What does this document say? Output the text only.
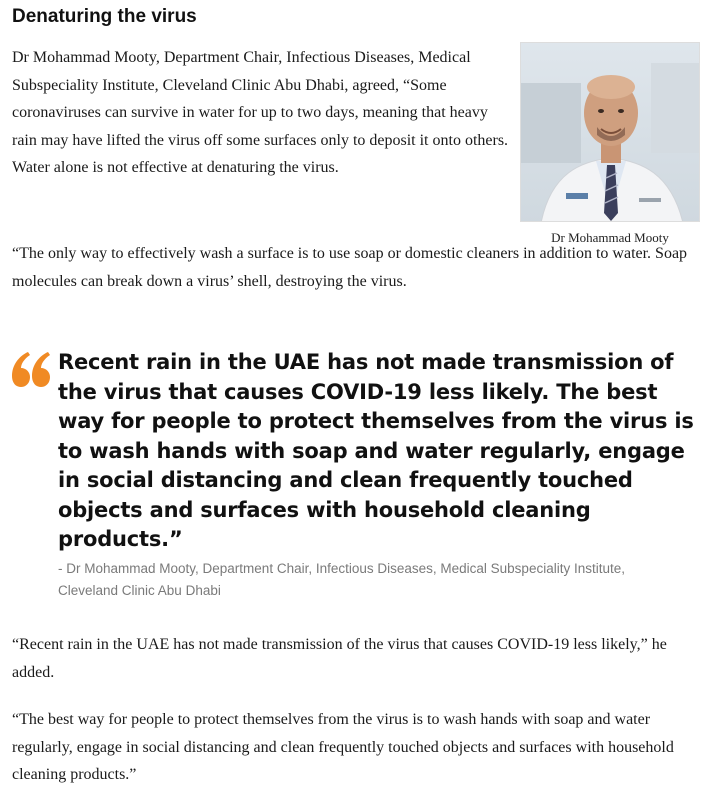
Denaturing the virus
Dr Mohammad Mooty, Department Chair, Infectious Diseases, Medical Subspeciality Institute, Cleveland Clinic Abu Dhabi, agreed, “Some coronaviruses can survive in water for up to two days, meaning that heavy rain may have lifted the virus off some surfaces only to deposit it onto others. Water alone is not effective at denaturing the virus.
Dr Mohammad Mooty
“The only way to effectively wash a surface is to use soap or domestic cleaners in addition to water. Soap molecules can break down a virus’ shell, destroying the virus.
Recent rain in the UAE has not made transmission of the virus that causes COVID-19 less likely. The best way for people to protect themselves from the virus is to wash hands with soap and water regularly, engage in social distancing and clean frequently touched objects and surfaces with household cleaning products.”
- Dr Mohammad Mooty, Department Chair, Infectious Diseases, Medical Subspeciality Institute, Cleveland Clinic Abu Dhabi
“Recent rain in the UAE has not made transmission of the virus that causes COVID-19 less likely,” he added.
“The best way for people to protect themselves from the virus is to wash hands with soap and water regularly, engage in social distancing and clean frequently touched objects and surfaces with household cleaning products.”
